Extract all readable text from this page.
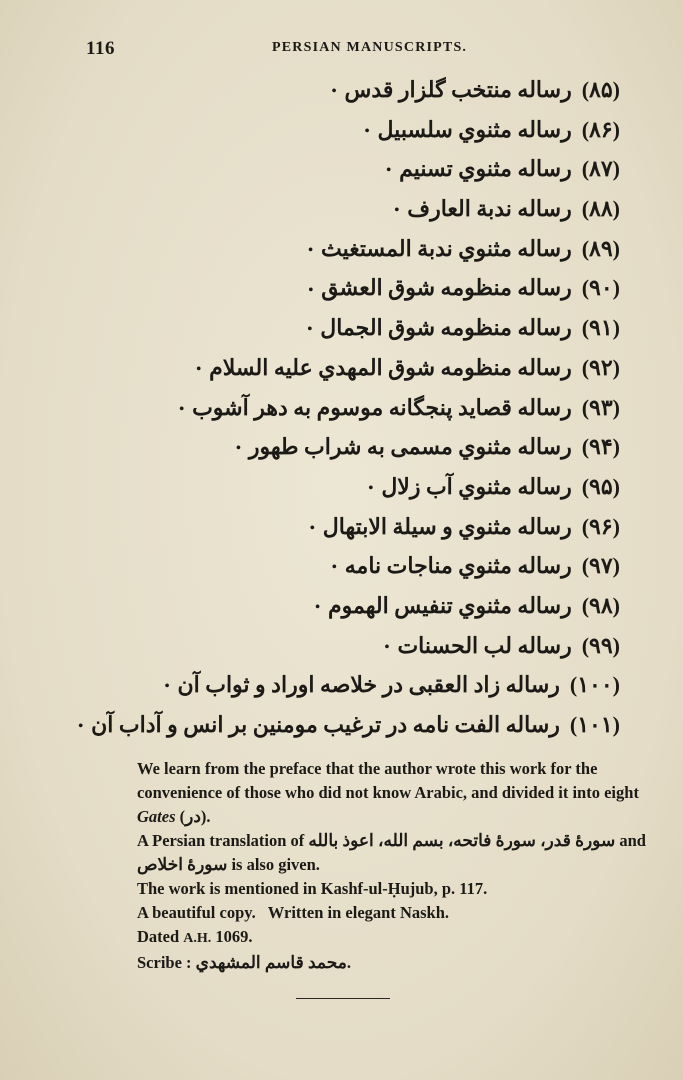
116	PERSIAN MANUSCRIPTS.
(۸۵)رساله منتخب گلزار قدس•
(۸۶)رساله مثنوي سلسبيل•
(۸۷)رساله مثنوي تسنيم•
(۸۸)رساله ندبة العارف•
(۸۹)رساله مثنوي ندبة المستغيث•
(۹۰)رساله منظومه شوق العشق•
(۹۱)رساله منظومه شوق الجمال•
(۹۲)رساله منظومه شوق المهدي عليه السلام•
(۹۳)رساله قصايد پنجگانه موسوم به دهر آشوب•
(۹۴)رساله مثنوي مسمى به شراب طهور•
(۹۵)رساله مثنوي آب زلال•
(۹۶)رساله مثنوي و سيلة الابتهال•
(۹۷)رساله مثنوي مناجات نامه•
(۹۸)رساله مثنوي تنفيس الهموم•
(۹۹)رساله لب الحسنات•
(۱۰۰)رساله زاد العقبى در خلاصه اوراد و ثواب آن•
(۱۰۱)رساله الفت نامه در ترغيب مومنين بر انس و آداب آن•

We learn from the preface that the author wrote this work for the convenience of those who did not know Arabic, and divided it into eight Gates (در).

A Persian translation of سورهٔ قدر، سورهٔ فاتحه، بسم الله، اعوذ بالله and سورهٔ اخلاص is also given.

The work is mentioned in Kashf-ul-Ḥujub, p. 117.

A beautiful copy.   Written in elegant Naskh.

Dated A.H. 1069.

Scribe : محمد قاسم المشهدي.
